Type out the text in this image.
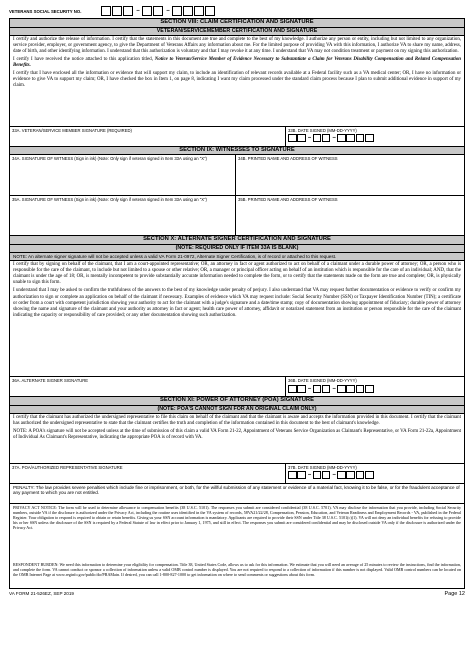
VETERANS SOCIAL SECURITY NO.	–	–
SECTION VIII: CLAIM CERTIFICATION AND SIGNATURE
VETERAN/SERVICEMEMBER CERTIFICATION AND SIGNATURE

I certify and authorize the release of information. I certify that the statements in this document are true and complete to the best of my knowledge. I authorize any person or entity, including but not limited to any organization, service provider, employer, or government agency, to give the Department of Veterans Affairs any information about me. For the limited purpose of providing VA with this information, I authorize VA to share my name, address, date of birth, and other identifying information. I understand that this authorization is voluntary and that I may revoke it at any time. I understand that VA may not condition treatment or payment on my signing this authorization.

I certify I have received the notice attached to this application titled, Notice to Veteran/Service Member of Evidence Necessary to Substantiate a Claim for Veterans Disability Compensation and Related Compensation Benefits.

I certify that I have enclosed all the information or evidence that will support my claim, to include an identification of relevant records available at a Federal facility such as a VA medical center; OR, I have no information or evidence to give VA to support my claim; OR, I have checked the box in Item 1, on page 8, indicating I want my claim processed under the standard claim process because I plan to submit additional evidence in support of my claim.

33A. VETERAN/SERVICE MEMBER SIGNATURE (REQUIRED)	33B. DATE SIGNED (MM-DD-YYYY)
–	–
SECTION IX: WITNESSES TO SIGNATURE
34A. SIGNATURE OF WITNESS (Sign in ink) (Note: Only sign if veteran signed in Item 33A using an "X")	34B. PRINTED NAME AND ADDRESS OF WITNESS
35A. SIGNATURE OF WITNESS (Sign in ink) (Note: Only sign if veteran signed in Item 33A using an "X")	35B. PRINTED NAME AND ADDRESS OF WITNESS
SECTION X: ALTERNATE SIGNER CERTIFICATION AND SIGNATURE
(NOTE: REQUIRED ONLY IF ITEM 33A IS BLANK)
NOTE: An alternate signer signature will not be accepted unless a valid VA Form 21-0972, Alternate Signer Certification, is of record or attached to this request.

I certify that by signing on behalf of the claimant, that I am a court-appointed representative; OR, an attorney in fact or agent authorized to act on behalf of a claimant under a durable power of attorney; OR, a person who is responsible for the care of the claimant, to include but not limited to a spouse or other relative; OR, a manager or principal officer acting on behalf of an institution which is responsible for the care of an individual; AND, that the claimant is under the age of 18; OR, is mentally incompetent to provide substantially accurate information needed to complete the form, or to certify that the statements made on the form are true and complete; OR, is physically unable to sign this form.

I understand that I may be asked to confirm the truthfulness of the answers to the best of my knowledge under penalty of perjury. I also understand that VA may request further documentation or evidence to verify or confirm my authorization to sign or complete an application on behalf of the claimant if necessary. Examples of evidence which VA may request include: Social Security Number (SSN) or Taxpayer Identification Number (TIN); a certificate or order from a court with competent jurisdiction showing your authority to act for the claimant with a judge's signature and a date/time stamp; copy of documentation showing appointment of fiduciary; durable power of attorney showing the name and signature of the claimant and your authority as attorney in fact or agent; health care power of attorney, affidavit or notarized statement from an institution or person responsible for the care of the claimant indicating the capacity or responsibility of care provided; or any other documentation showing such authorization.

36A. ALTERNATE SIGNER SIGNATURE	36B. DATE SIGNED (MM-DD-YYYY)
–	–
SECTION XI: POWER OF ATTORNEY (POA) SIGNATURE
(NOTE: POA'S CANNOT SIGN FOR AN ORIGINAL CLAIM ONLY)

I certify that the claimant has authorized the undersigned representative to file this claim on behalf of the claimant and that the claimant is aware and accepts the information provided in this document. I certify that the claimant has authorized the undersigned representative to state that the claimant certifies the truth and completion of the information contained in this document to the best of claimant's knowledge.

NOTE: A POA's signature will not be accepted unless at the time of submission of this claim a valid VA Form 21-22, Appointment of Veterans Service Organization as Claimant's Representative, or VA Form 21-22a, Appointment of Individual As Claimant's Representative, indicating the appropriate POA is of record with VA.

37A. POA/AUTHORIZED REPRESENTATIVE SIGNATURE	37B. DATE SIGNED (MM-DD-YYYY)
–	–
PENALTY: The law provides severe penalties which include fine or imprisonment, or both, for the willful submission of any statement or evidence of a material fact, knowing it to be false, or for the fraudulent acceptance of any payment to which you are not entitled.
PRIVACY ACT NOTICE: The form will be used to determine allowance to compensation benefits (38 U.S.C. 5101). The responses you submit are considered confidential (38 U.S.C. 5701). VA may disclose the information that you provide, including Social Security numbers, outside VA if the disclosure is authorized under the Privacy Act, including the routine uses identified in the VA system of records, 58VA21/22/28, Compensation, Pension, Education, and Veteran Readiness and Employment Records - VA, published in the Federal Register. Your obligation to respond is required to obtain or retain benefits. Giving us your SSN account information is mandatory. Applicants are required to provide their SSN under Title 38 U.S.C. 5101(c)(1). VA will not deny an individual benefits for refusing to provide his or her SSN unless the disclosure of the SSN is required by a Federal Statute of law in effect prior to January 1, 1975, and still in effect. The responses you submit are considered confidential and may be disclosed outside VA only if the disclosure is authorized under the Privacy Act.
RESPONDENT BURDEN: We need this information to determine your eligibility for compensation. Title 38, United States Code, allows us to ask for this information. We estimate that you will need an average of 25 minutes to review the instructions, find the information, and complete the form. VA cannot conduct or sponsor a collection of information unless a valid OMB control number is displayed. You are not required to respond to a collection of information if this number is not displayed. Valid OMB control numbers can be located on the OMB Internet Page at www.reginfo.gov/public/do/PRAMain. If desired, you can call 1-800-827-1000 to get information on where to send comments or suggestions about this form.
VA FORM 21-526EZ, SEP 2019	Page 12
